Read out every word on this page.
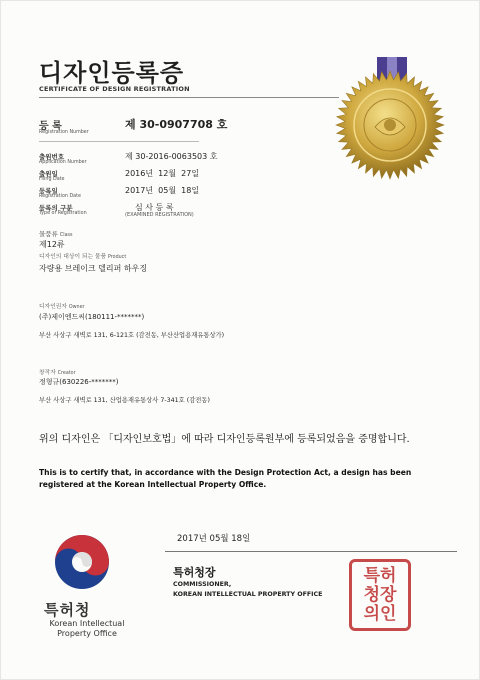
디자인등록증
CERTIFICATE OF DESIGN REGISTRATION
등 록
Registration Number
제 30-0907708 호
출원번호
Application Number
제 30-2016-0063503 호
출원일
Filing Date
2016년  12월  27일
등록일
Registration Date
2017년  05월  18일
등록의 구분
Type of Registration
심 사 등 록
(EXAMINED REGISTRATION)
물품류 Class
제12류
디자인의 대상이 되는 물품 Product
자량용 브레이크 델리퍼 하우징
디자인권자 Owner
(주)제이엔드씨(180111-*******)
부산 사상구 새벽로 131, 6-121호 (감전동, 부산산업용재유통상가)
창작자 Creator
정형규(630226-*******)
부산 사상구 새벽로 131, 산업용재유통상사 7-341호 (감전동)
위의 디자인은 「디자인보호법」에 따라 디자인등록원부에 등록되었음을 증명합니다.
This is to certify that, in accordance with the Design Protection Act, a design has been registered at the Korean Intellectual Property Office.
2017년 05월 18일
특허청장
COMMISSIONER,
KOREAN INTELLECTUAL PROPERTY OFFICE
특허청장의인
특허청
Korean Intellectual
Property Office
